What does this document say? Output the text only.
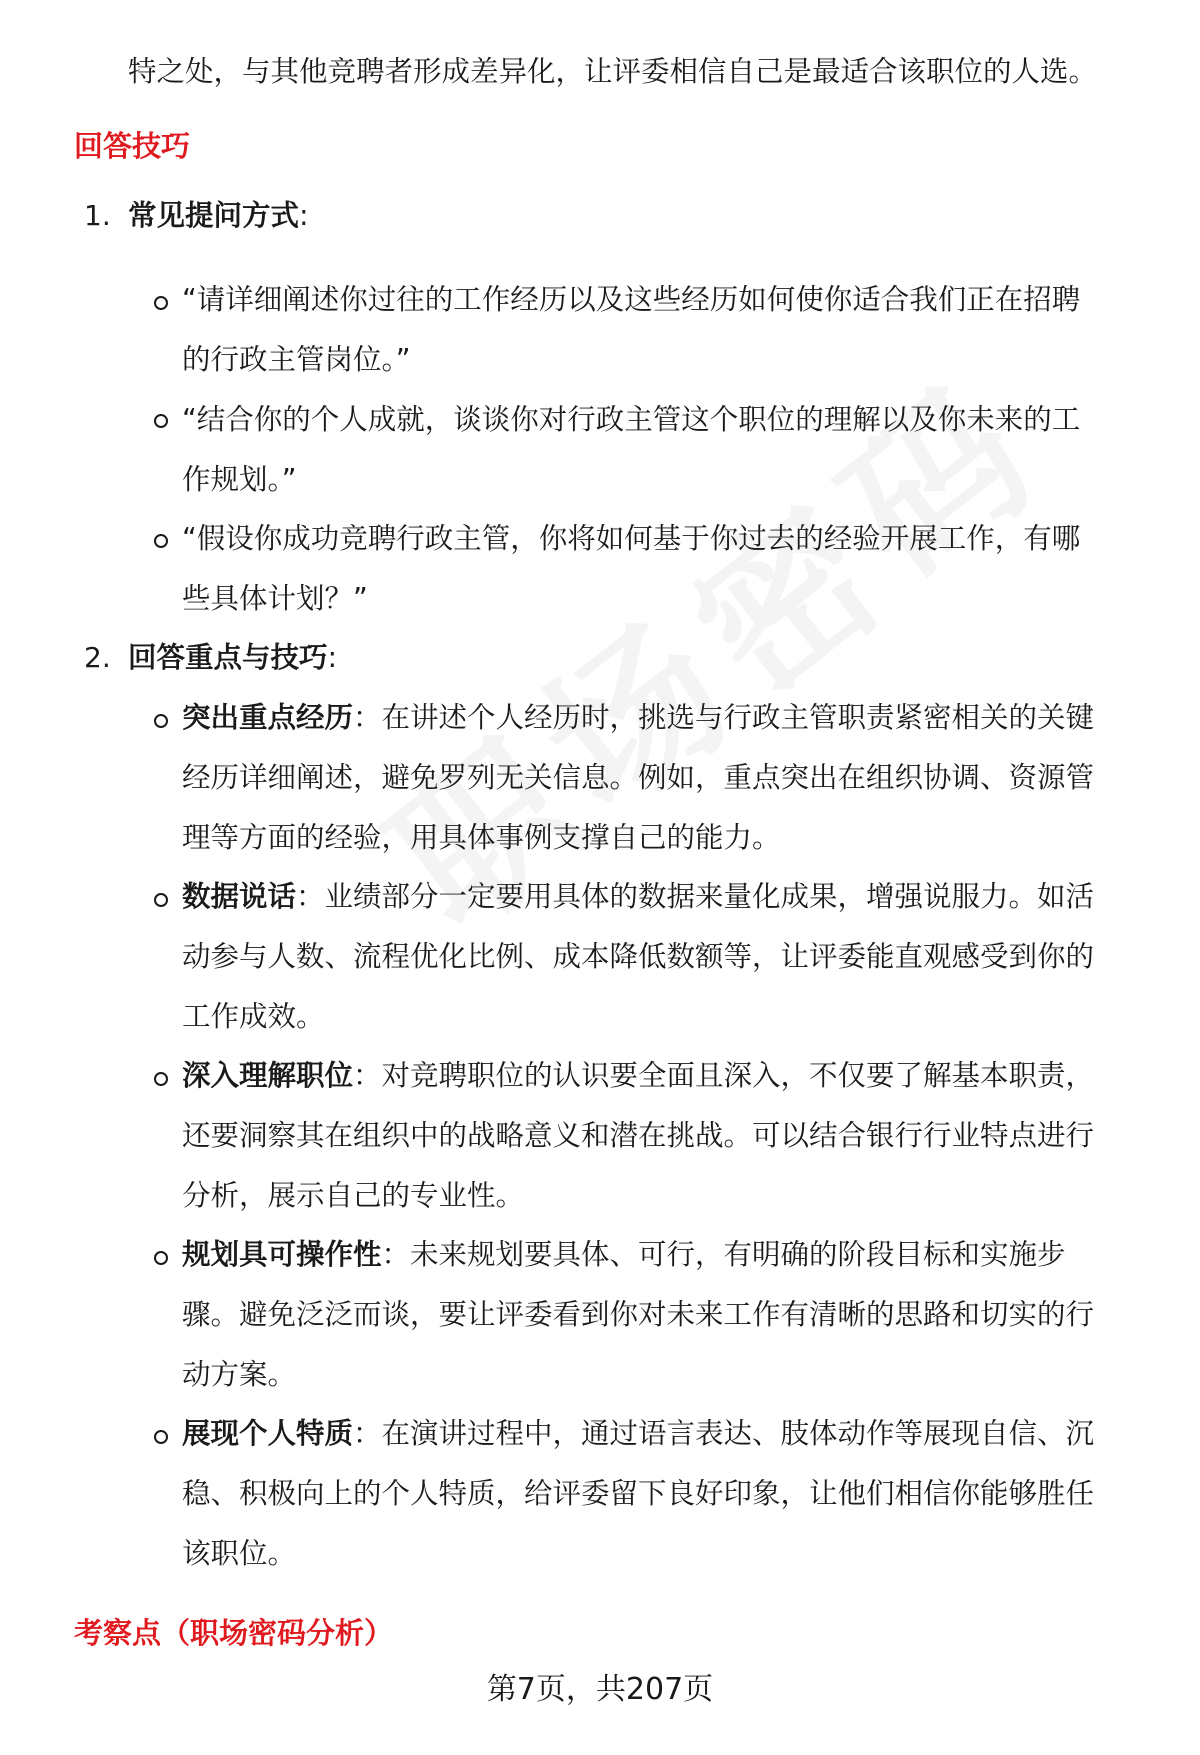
特之处，与其他竞聘者形成差异化，让评委相信自己是最适合该职位的人选。
回答技巧
1. 常见提问方式:
“请详细阐述你过往的工作经历以及这些经历如何使你适合我们正在招聘
的行政主管岗位。”
“结合你的个人成就，谈谈你对行政主管这个职位的理解以及你未来的工
作规划。”
“假设你成功竞聘行政主管，你将如何基于你过去的经验开展工作，有哪
些具体计划？”
2. 回答重点与技巧:
突出重点经历：在讲述个人经历时，挑选与行政主管职责紧密相关的关键
经历详细阐述，避免罗列无关信息。例如，重点突出在组织协调、资源管
理等方面的经验，用具体事例支撑自己的能力。
数据说话：业绩部分一定要用具体的数据来量化成果，增强说服力。如活
动参与人数、流程优化比例、成本降低数额等，让评委能直观感受到你的
工作成效。
深入理解职位：对竞聘职位的认识要全面且深入，不仅要了解基本职责，
还要洞察其在组织中的战略意义和潜在挑战。可以结合银行行业特点进行
分析，展示自己的专业性。
规划具可操作性：未来规划要具体、可行，有明确的阶段目标和实施步
骤。避免泛泛而谈，要让评委看到你对未来工作有清晰的思路和切实的行
动方案。
展现个人特质：在演讲过程中，通过语言表达、肢体动作等展现自信、沉
稳、积极向上的个人特质，给评委留下良好印象，让他们相信你能够胜任
该职位。
考察点（职场密码分析）
第7页，共207页
